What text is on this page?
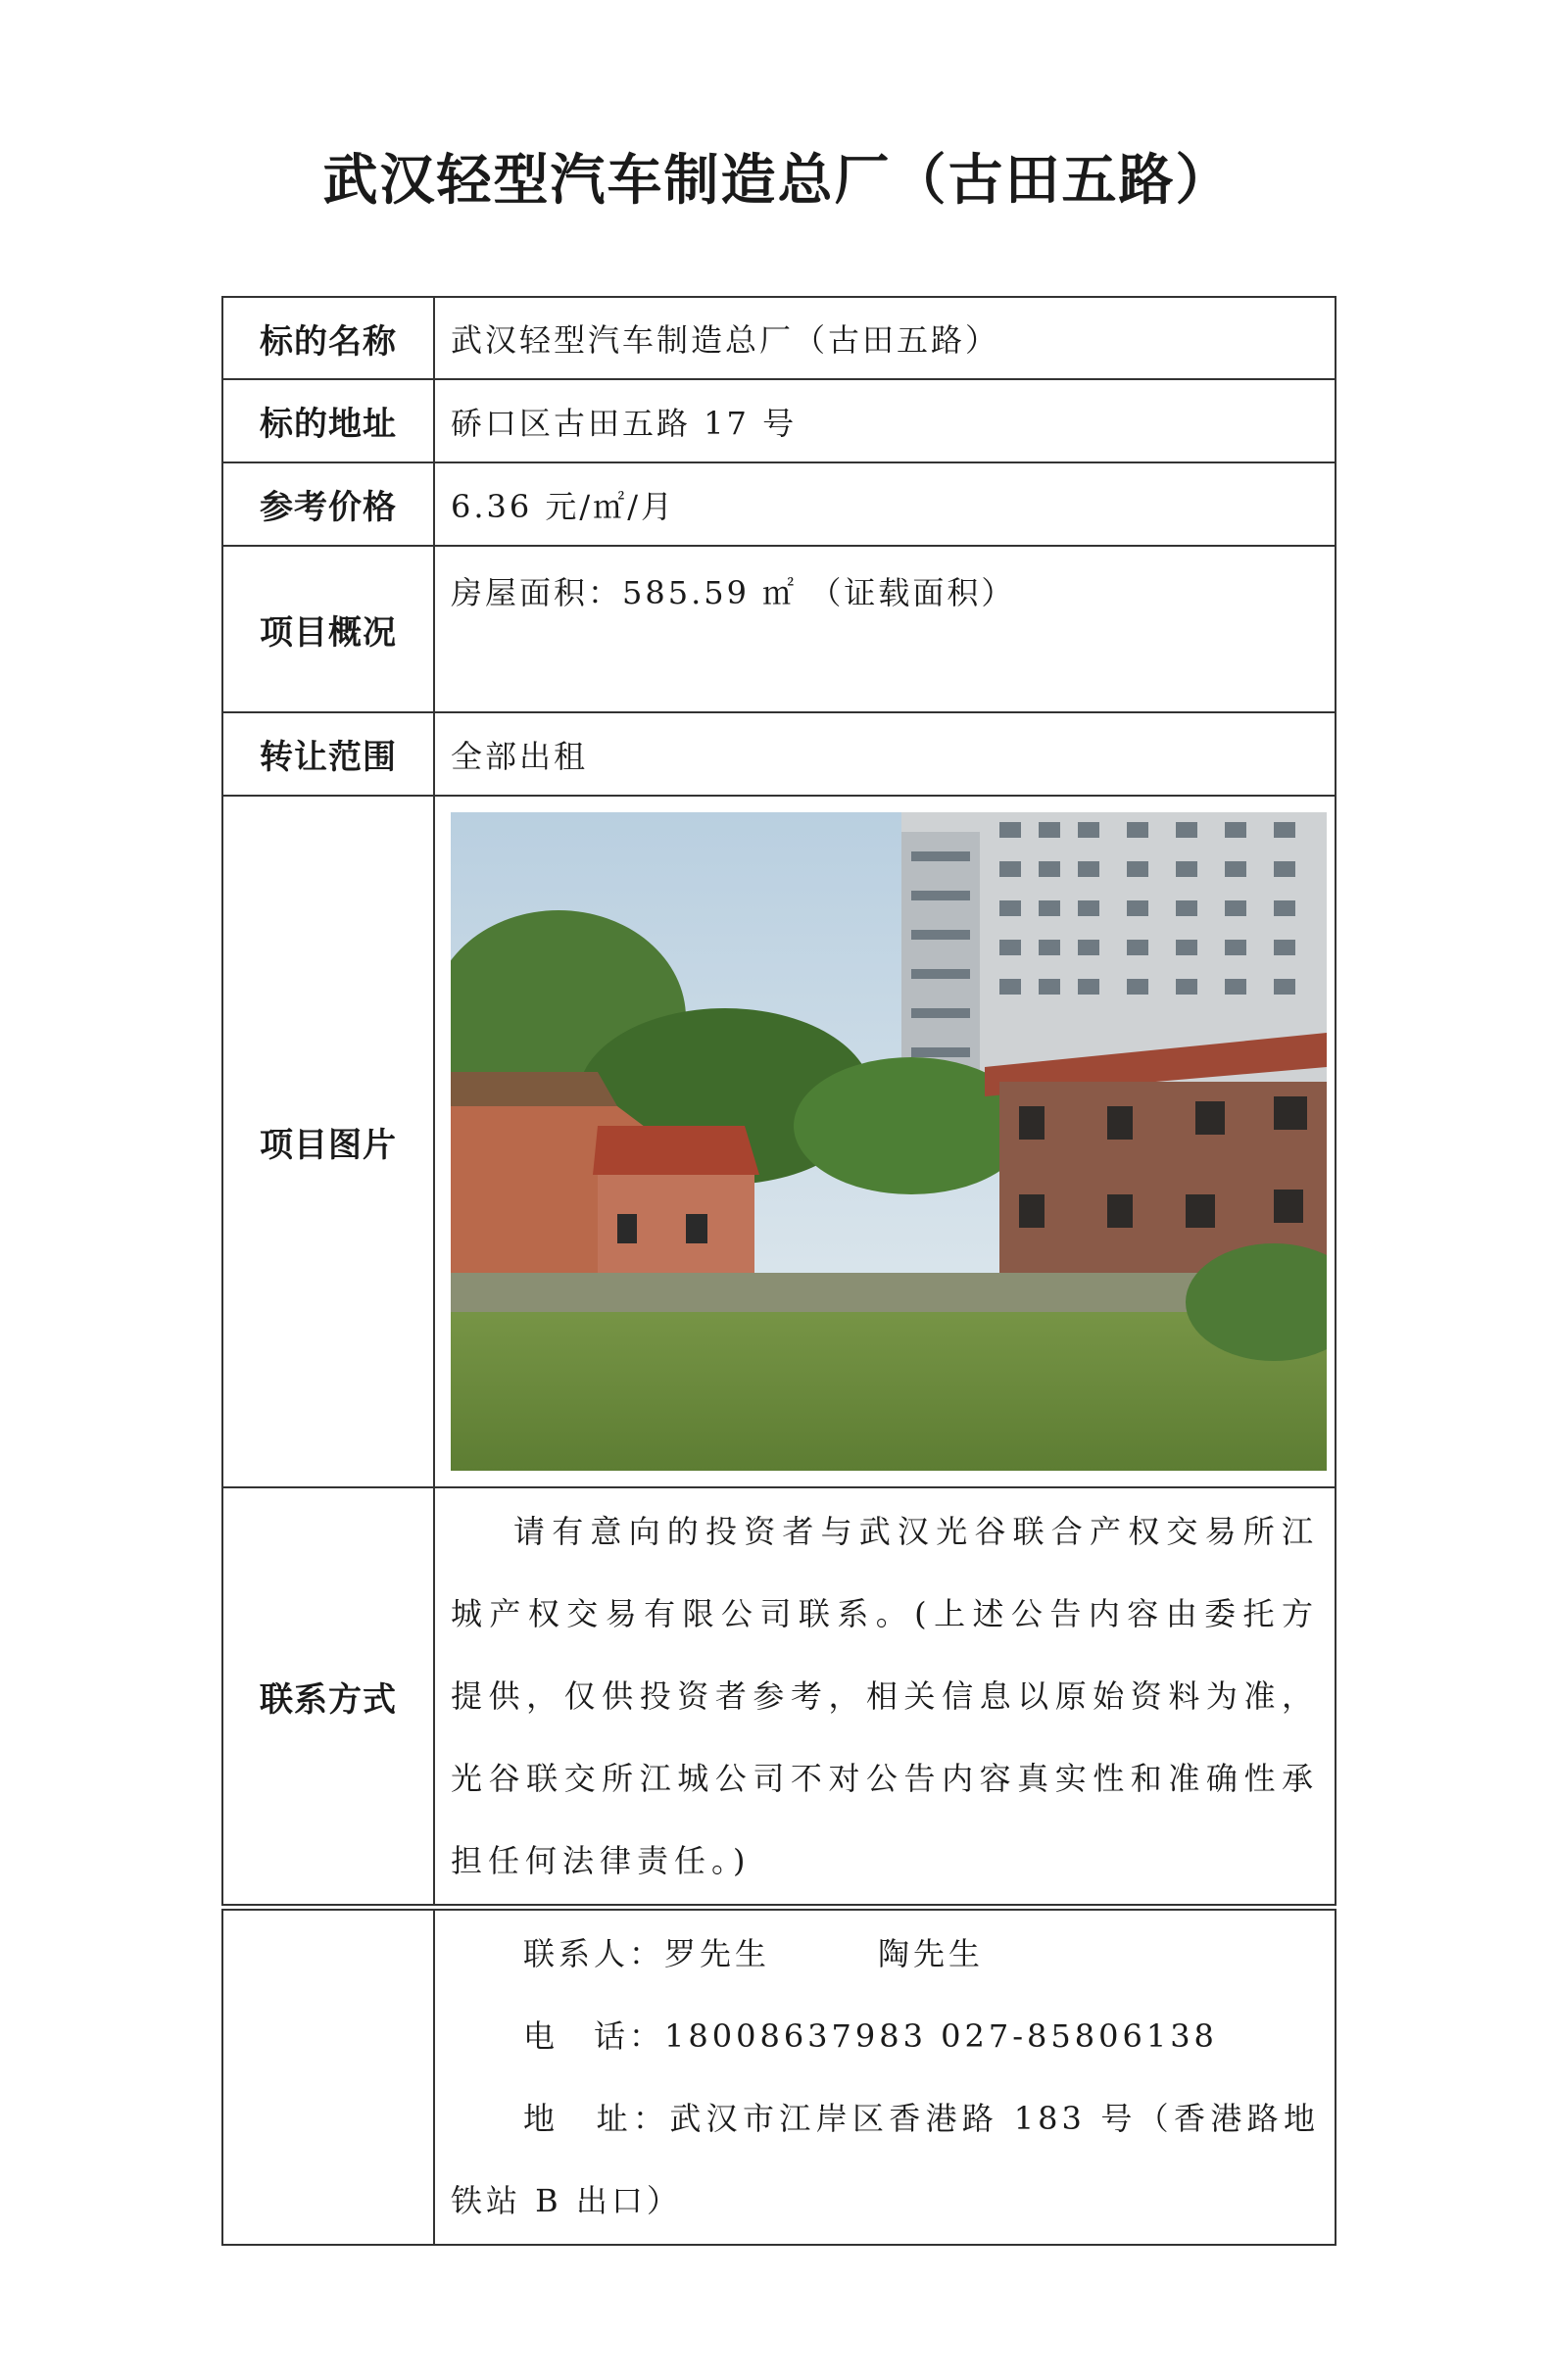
武汉轻型汽车制造总厂（古田五路）
标的名称	武汉轻型汽车制造总厂（古田五路）
标的地址	硚口区古田五路 17 号
参考价格	6.36 元/㎡/月
项目概况	房屋面积：585.59 ㎡ （证载面积）
转让范围	全部出租
项目图片	

联系方式	请有意向的投资者与武汉光谷联合产权交易所江城产权交易有限公司联系。(上述公告内容由委托方提供，仅供投资者参考，相关信息以原始资料为准，光谷联交所江城公司不对公告内容真实性和准确性承担任何法律责任。)

联系人：罗先生	陶先生

电　话：18008637983 027-85806138

地　址：武汉市江岸区香港路 183 号（香港路地铁站 B 出口）
